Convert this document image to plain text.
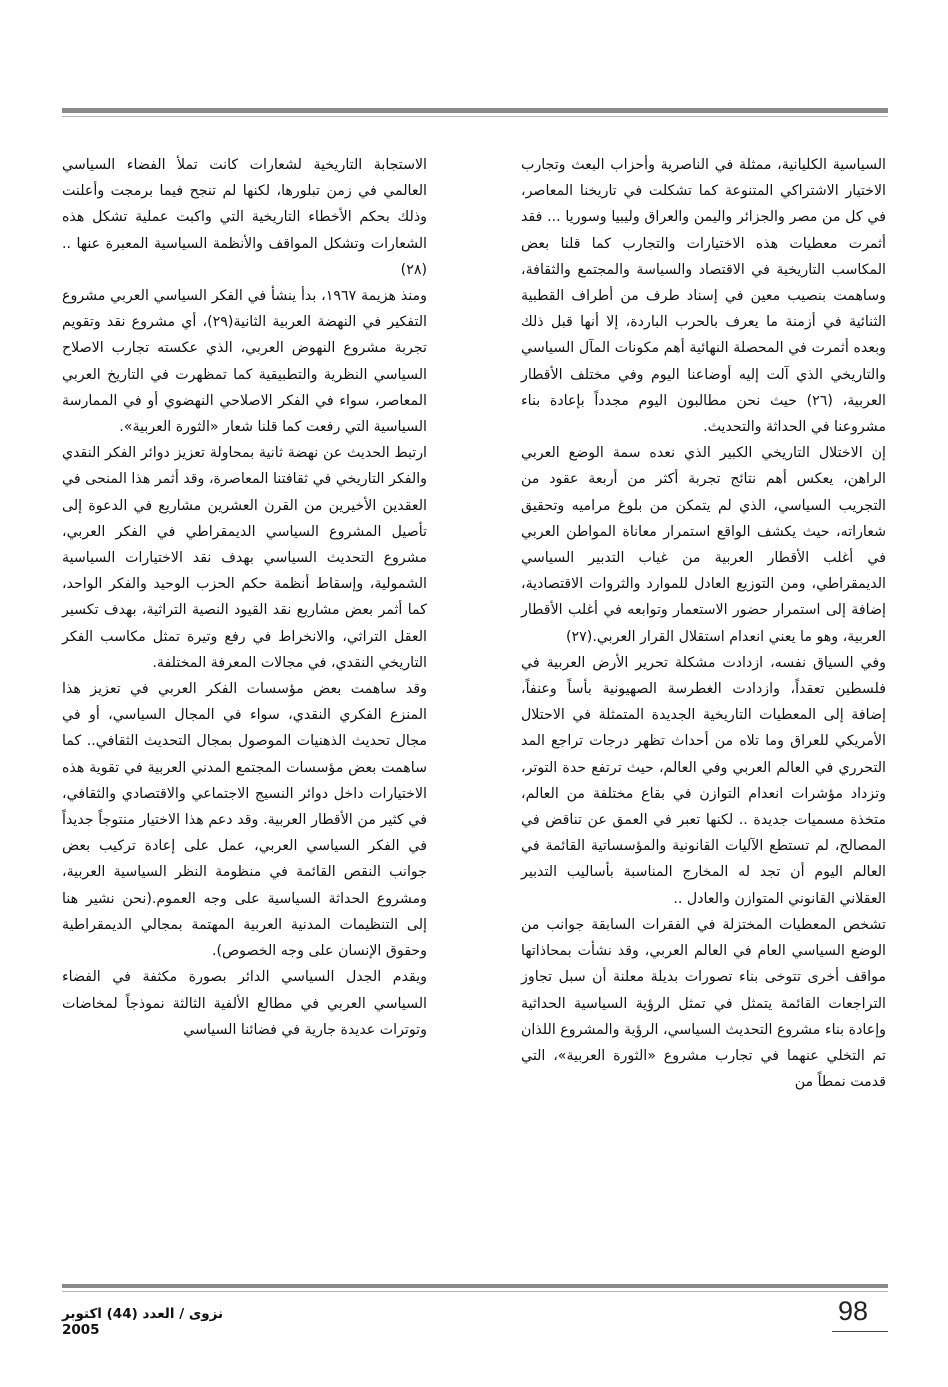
السياسية الكليانية، ممثلة في الناصرية وأحزاب البعث وتجارب الاختيار الاشتراكي المتنوعة كما تشكلت في تاريخنا المعاصر، في كل من مصر والجزائر واليمن والعراق وليبيا وسوريا ... فقد أثمرت معطيات هذه الاختيارات والتجارب كما قلنا بعض المكاسب التاريخية في الاقتصاد والسياسة والمجتمع والثقافة، وساهمت بنصيب معين في إسناد طرف من أطراف القطبية الثنائية في أزمنة ما يعرف بالحرب الباردة، إلا أنها قبل ذلك وبعده أثمرت في المحصلة النهائية أهم مكونات المآل السياسي والتاريخي الذي آلت إليه أوضاعنا اليوم وفي مختلف الأقطار العربية، (٢٦) حيث نحن مطالبون اليوم مجدداً بإعادة بناء مشروعنا في الحداثة والتحديث.

إن الاختلال التاريخي الكبير الذي نعده سمة الوضع العربي الراهن، يعكس أهم نتائج تجربة أكثر من أربعة عقود من التجريب السياسي، الذي لم يتمكن من بلوغ مراميه وتحقيق شعاراته، حيث يكشف الواقع استمرار معاناة المواطن العربي في أغلب الأقطار العربية من غياب التدبير السياسي الديمقراطي، ومن التوزيع العادل للموارد والثروات الاقتصادية، إضافة إلى استمرار حضور الاستعمار وتوابعه في أغلب الأقطار العربية، وهو ما يعني انعدام استقلال القرار العربي.(٢٧)

وفي السياق نفسه، ازدادت مشكلة تحرير الأرض العربية في فلسطين تعقداً، وازدادت الغطرسة الصهيونية بأساً وعنفاً، إضافة إلى المعطيات التاريخية الجديدة المتمثلة في الاحتلال الأمريكي للعراق وما تلاه من أحداث تظهر درجات تراجع المد التحرري في العالم العربي وفي العالم، حيث ترتفع حدة التوتر، وتزداد مؤشرات انعدام التوازن في بقاع مختلفة من العالم، متخذة مسميات جديدة .. لكنها تعبر في العمق عن تناقض في المصالح، لم تستطع الآليات القانونية والمؤسساتية القائمة في العالم اليوم أن تجد له المخارج المناسبة بأساليب التدبير العقلاني القانوني المتوازن والعادل ..

تشخص المعطيات المختزلة في الفقرات السابقة جوانب من الوضع السياسي العام في العالم العربي، وقد نشأت بمحاذاتها مواقف أخرى تتوخى بناء تصورات بديلة معلنة أن سبل تجاوز التراجعات القائمة يتمثل في تمثل الرؤية السياسية الحداثية وإعادة بناء مشروع التحديث السياسي، الرؤية والمشروع اللذان تم التخلي عنهما في تجارب مشروع «الثورة العربية»، التي قدمت نمطاً من

الاستجابة التاريخية لشعارات كانت تملأ الفضاء السياسي العالمي في زمن تبلورها، لكنها لم تنجح فيما برمجت وأعلنت وذلك بحكم الأخطاء التاريخية التي واكبت عملية تشكل هذه الشعارات وتشكل المواقف والأنظمة السياسية المعبرة عنها ..(٢٨)

ومنذ هزيمة ١٩٦٧، بدأ ينشأ في الفكر السياسي العربي مشروع التفكير في النهضة العربية الثانية(٢٩)، أي مشروع نقد وتقويم تجربة مشروع النهوض العربي، الذي عكسته تجارب الاصلاح السياسي النظرية والتطبيقية كما تمظهرت في التاريخ العربي المعاصر، سواء في الفكر الاصلاحي النهضوي أو في الممارسة السياسية التي رفعت كما قلنا شعار «الثورة العربية».

ارتبط الحديث عن نهضة ثانية بمحاولة تعزيز دوائر الفكر النقدي والفكر التاريخي في ثقافتنا المعاصرة، وقد أثمر هذا المنحى في العقدين الأخيرين من القرن العشرين مشاريع في الدعوة إلى تأصيل المشروع السياسي الديمقراطي في الفكر العربي، مشروع التحديث السياسي بهدف نقد الاختيارات السياسية الشمولية، وإسقاط أنظمة حكم الحزب الوحيد والفكر الواحد، كما أثمر بعض مشاريع نقد القيود النصية التراثية، بهدف تكسير العقل التراثي، والانخراط في رفع وتيرة تمثل مكاسب الفكر التاريخي النقدي، في مجالات المعرفة المختلفة.

وقد ساهمت بعض مؤسسات الفكر العربي في تعزيز هذا المنزع الفكري النقدي، سواء في المجال السياسي، أو في مجال تحديث الذهنيات الموصول بمجال التحديث الثقافي.. كما ساهمت بعض مؤسسات المجتمع المدني العربية في تقوية هذه الاختيارات داخل دوائر النسيج الاجتماعي والاقتصادي والثقافي، في كثير من الأقطار العربية. وقد دعم هذا الاختيار منتوجاً جديداً في الفكر السياسي العربي، عمل على إعادة تركيب بعض جوانب النقص القائمة في منظومة النظر السياسية العربية، ومشروع الحداثة السياسية على وجه العموم.(نحن نشير هنا إلى التنظيمات المدنية العربية المهتمة بمجالي الديمقراطية وحقوق الإنسان على وجه الخصوص).

ويقدم الجدل السياسي الدائر بصورة مكثفة في الفضاء السياسي العربي في مطالع الألفية الثالثة نموذجاً لمخاضات وتوترات عديدة جارية في فضائنا السياسي

98
نزوى / العدد (44) اكتوبر 2005
